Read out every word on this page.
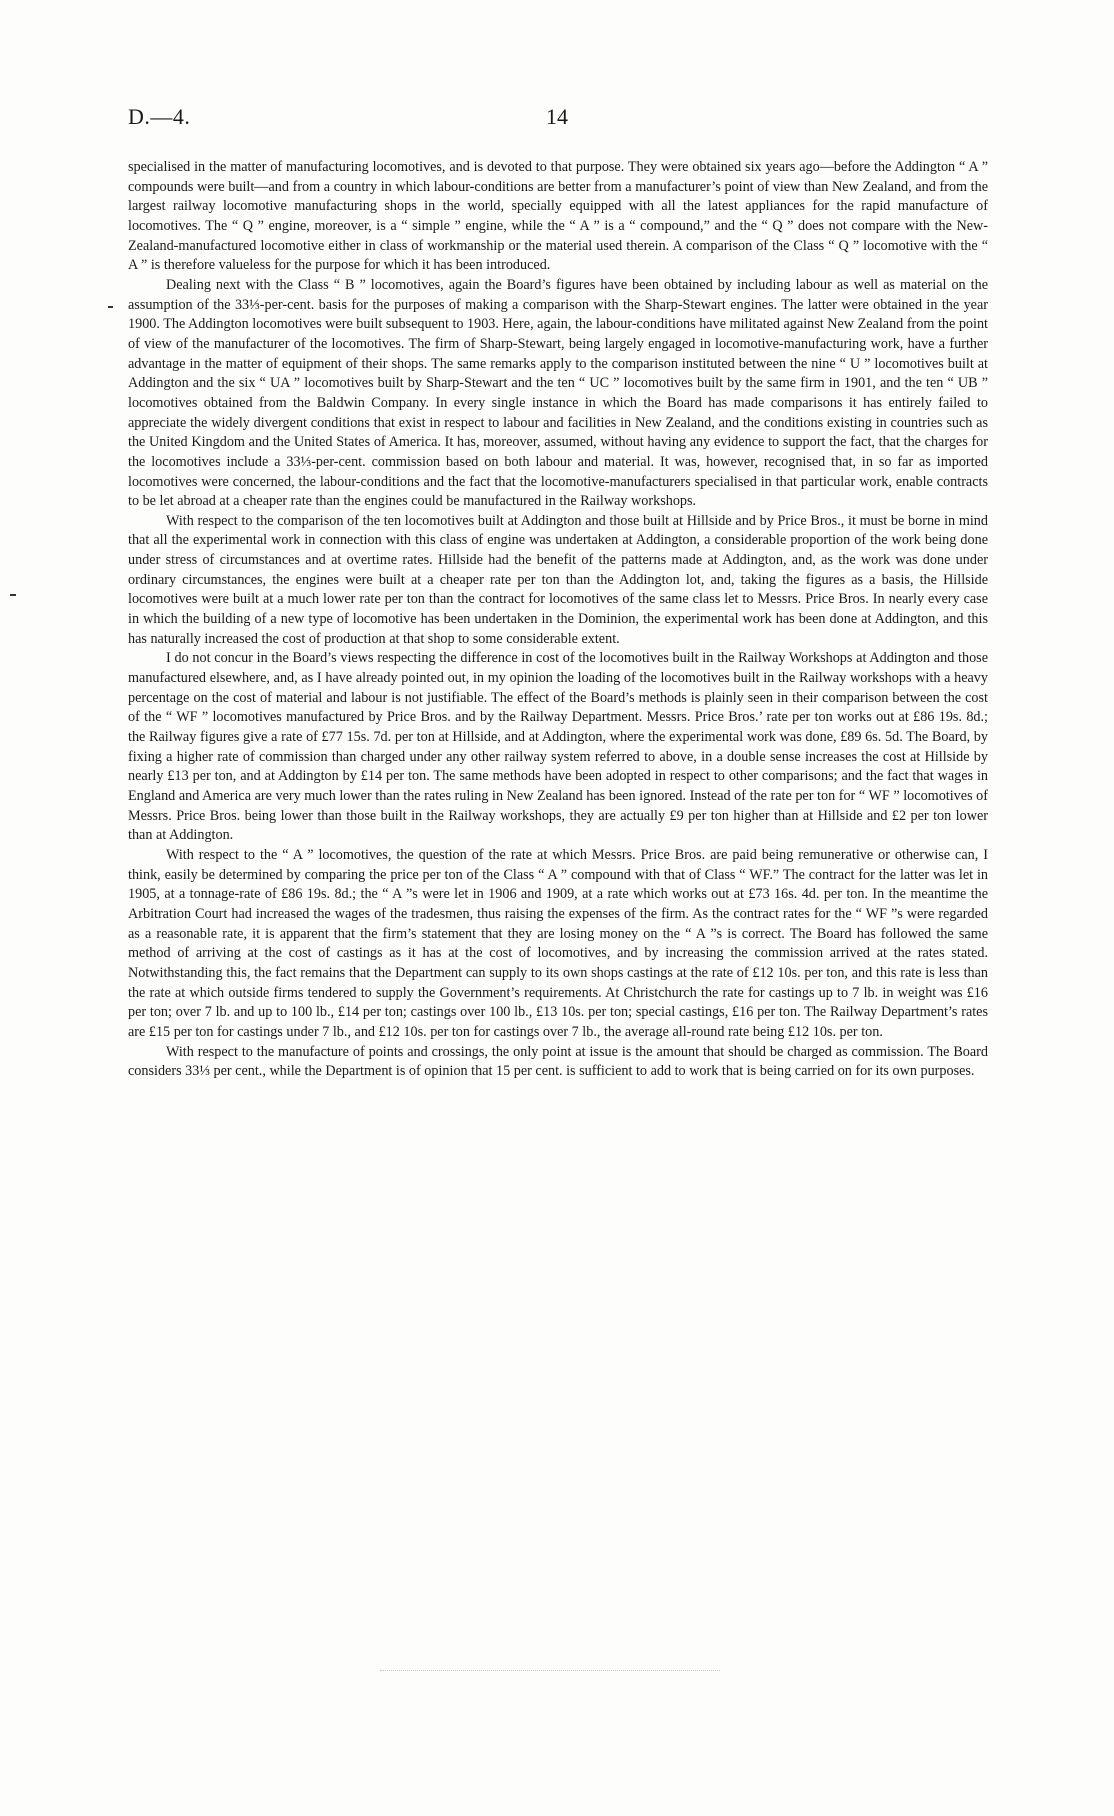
D.—4.	14

specialised in the matter of manufacturing locomotives, and is devoted to that purpose. They were obtained six years ago—before the Addington “ A ” compounds were built—and from a country in which labour-conditions are better from a manufacturer’s point of view than New Zealand, and from the largest railway locomotive manufacturing shops in the world, specially equipped with all the latest appliances for the rapid manufacture of locomotives. The “ Q ” engine, moreover, is a “ simple ” engine, while the “ A ” is a “ compound,” and the “ Q ” does not compare with the New-Zealand-manufactured locomotive either in class of workmanship or the material used therein. A comparison of the Class “ Q ” locomotive with the “ A ” is therefore valueless for the purpose for which it has been introduced.

Dealing next with the Class “ B ” locomotives, again the Board’s figures have been obtained by including labour as well as material on the assumption of the 33⅓-per-cent. basis for the purposes of making a comparison with the Sharp-Stewart engines. The latter were obtained in the year 1900. The Addington locomotives were built subsequent to 1903. Here, again, the labour-conditions have militated against New Zealand from the point of view of the manufacturer of the locomotives. The firm of Sharp-Stewart, being largely engaged in locomotive-manufacturing work, have a further advantage in the matter of equipment of their shops. The same remarks apply to the comparison instituted between the nine “ U ” locomotives built at Addington and the six “ UA ” locomotives built by Sharp-Stewart and the ten “ UC ” locomotives built by the same firm in 1901, and the ten “ UB ” locomotives obtained from the Baldwin Company. In every single instance in which the Board has made comparisons it has entirely failed to appreciate the widely divergent conditions that exist in respect to labour and facilities in New Zealand, and the conditions existing in countries such as the United Kingdom and the United States of America. It has, moreover, assumed, without having any evidence to support the fact, that the charges for the locomotives include a 33⅓-per-cent. commission based on both labour and material. It was, however, recognised that, in so far as imported locomotives were concerned, the labour-conditions and the fact that the locomotive-manufacturers specialised in that particular work, enable contracts to be let abroad at a cheaper rate than the engines could be manufactured in the Railway workshops.

With respect to the comparison of the ten locomotives built at Addington and those built at Hillside and by Price Bros., it must be borne in mind that all the experimental work in connection with this class of engine was undertaken at Addington, a considerable proportion of the work being done under stress of circumstances and at overtime rates. Hillside had the benefit of the patterns made at Addington, and, as the work was done under ordinary circumstances, the engines were built at a cheaper rate per ton than the Addington lot, and, taking the figures as a basis, the Hillside locomotives were built at a much lower rate per ton than the contract for locomotives of the same class let to Messrs. Price Bros. In nearly every case in which the building of a new type of locomotive has been undertaken in the Dominion, the experimental work has been done at Addington, and this has naturally increased the cost of production at that shop to some considerable extent.

I do not concur in the Board’s views respecting the difference in cost of the locomotives built in the Railway Workshops at Addington and those manufactured elsewhere, and, as I have already pointed out, in my opinion the loading of the locomotives built in the Railway workshops with a heavy percentage on the cost of material and labour is not justifiable. The effect of the Board’s methods is plainly seen in their comparison between the cost of the “ WF ” locomotives manufactured by Price Bros. and by the Railway Department. Messrs. Price Bros.’ rate per ton works out at £86 19s. 8d.; the Railway figures give a rate of £77 15s. 7d. per ton at Hillside, and at Addington, where the experimental work was done, £89 6s. 5d. The Board, by fixing a higher rate of commission than charged under any other railway system referred to above, in a double sense increases the cost at Hillside by nearly £13 per ton, and at Addington by £14 per ton. The same methods have been adopted in respect to other comparisons; and the fact that wages in England and America are very much lower than the rates ruling in New Zealand has been ignored. Instead of the rate per ton for “ WF ” locomotives of Messrs. Price Bros. being lower than those built in the Railway workshops, they are actually £9 per ton higher than at Hillside and £2 per ton lower than at Addington.

With respect to the “ A ” locomotives, the question of the rate at which Messrs. Price Bros. are paid being remunerative or otherwise can, I think, easily be determined by comparing the price per ton of the Class “ A ” compound with that of Class “ WF.” The contract for the latter was let in 1905, at a tonnage-rate of £86 19s. 8d.; the “ A ”s were let in 1906 and 1909, at a rate which works out at £73 16s. 4d. per ton. In the meantime the Arbitration Court had increased the wages of the tradesmen, thus raising the expenses of the firm. As the contract rates for the “ WF ”s were regarded as a reasonable rate, it is apparent that the firm’s statement that they are losing money on the “ A ”s is correct. The Board has followed the same method of arriving at the cost of castings as it has at the cost of locomotives, and by increasing the commission arrived at the rates stated. Notwithstanding this, the fact remains that the Department can supply to its own shops castings at the rate of £12 10s. per ton, and this rate is less than the rate at which outside firms tendered to supply the Government’s requirements. At Christchurch the rate for castings up to 7 lb. in weight was £16 per ton; over 7 lb. and up to 100 lb., £14 per ton; castings over 100 lb., £13 10s. per ton; special castings, £16 per ton. The Railway Department’s rates are £15 per ton for castings under 7 lb., and £12 10s. per ton for castings over 7 lb., the average all-round rate being £12 10s. per ton.

With respect to the manufacture of points and crossings, the only point at issue is the amount that should be charged as commission. The Board considers 33⅓ per cent., while the Department is of opinion that 15 per cent. is sufficient to add to work that is being carried on for its own purposes.
